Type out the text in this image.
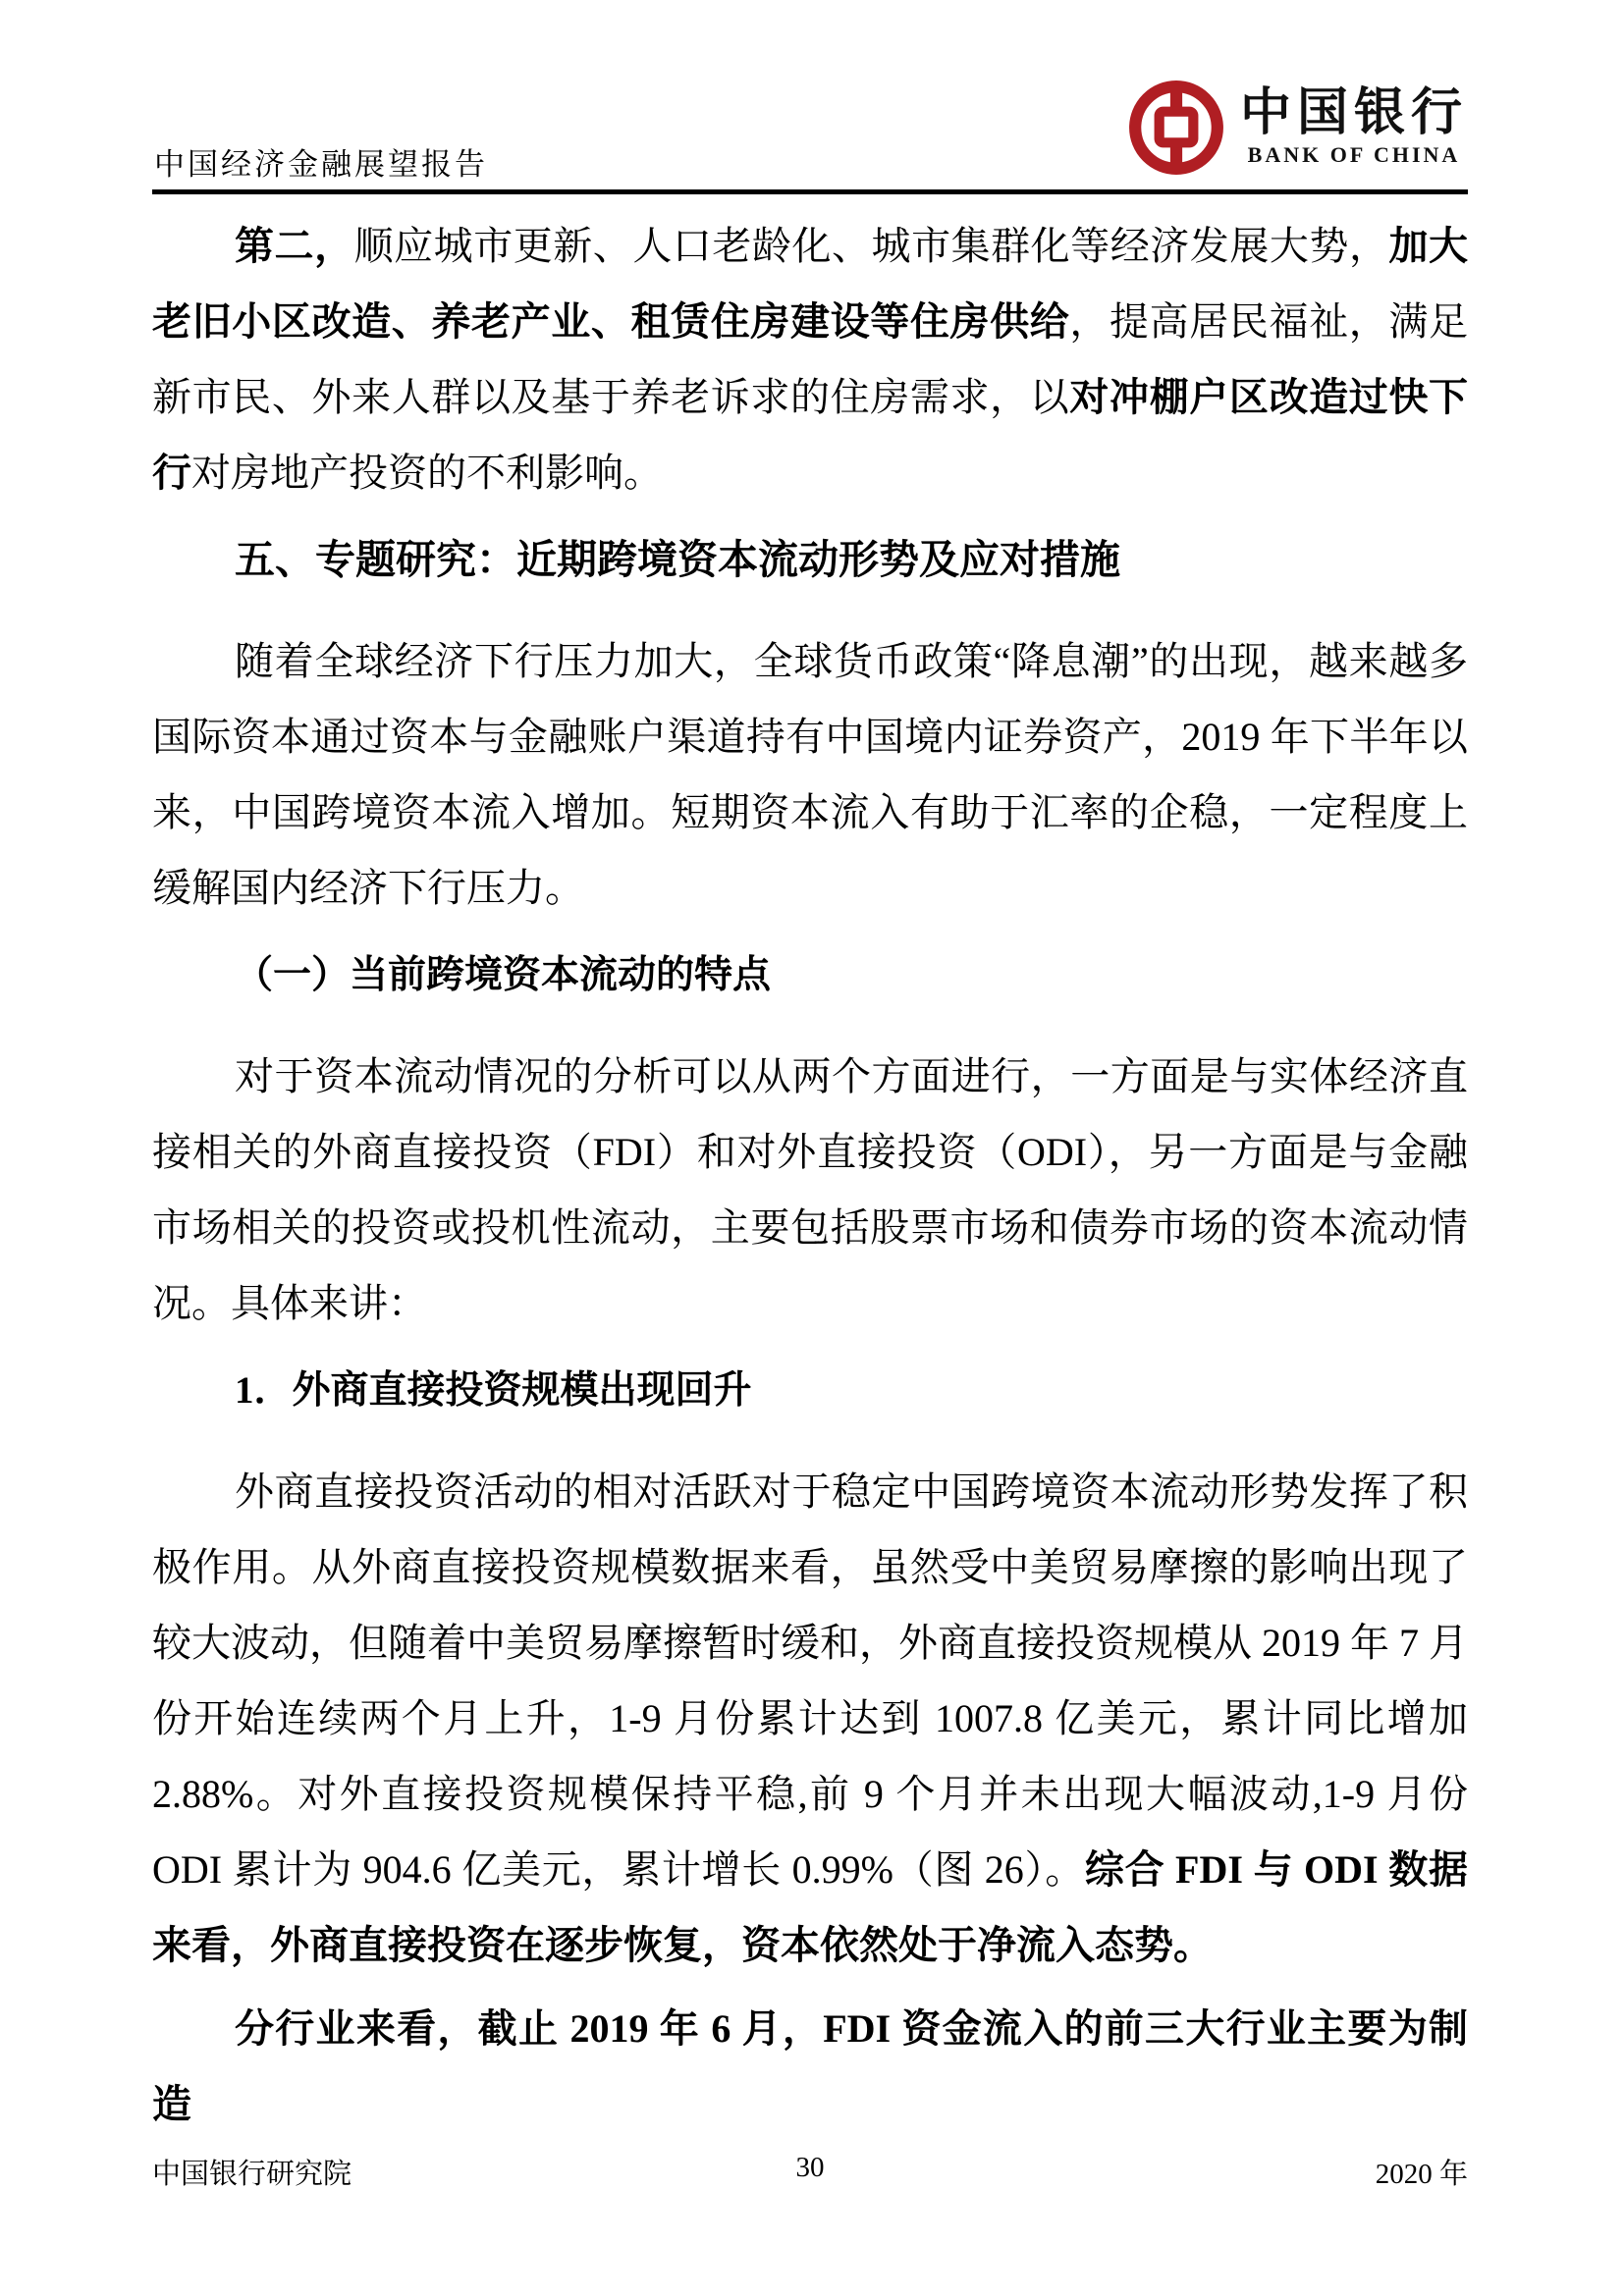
中国经济金融展望报告
中国银行
BANK OF CHINA

第二，顺应城市更新、人口老龄化、城市集群化等经济发展大势，加大老旧小区改造、养老产业、租赁住房建设等住房供给，提高居民福祉，满足新市民、外来人群以及基于养老诉求的住房需求，以对冲棚户区改造过快下行对房地产投资的不利影响。

五、专题研究：近期跨境资本流动形势及应对措施

随着全球经济下行压力加大，全球货币政策“降息潮”的出现，越来越多国际资本通过资本与金融账户渠道持有中国境内证券资产，2019 年下半年以来，中国跨境资本流入增加。短期资本流入有助于汇率的企稳，一定程度上缓解国内经济下行压力。

（一）当前跨境资本流动的特点

对于资本流动情况的分析可以从两个方面进行，一方面是与实体经济直接相关的外商直接投资（FDI）和对外直接投资（ODI），另一方面是与金融市场相关的投资或投机性流动，主要包括股票市场和债券市场的资本流动情况。具体来讲：

1．外商直接投资规模出现回升

外商直接投资活动的相对活跃对于稳定中国跨境资本流动形势发挥了积极作用。从外商直接投资规模数据来看，虽然受中美贸易摩擦的影响出现了较大波动，但随着中美贸易摩擦暂时缓和，外商直接投资规模从 2019 年 7 月份开始连续两个月上升，1-9 月份累计达到 1007.8 亿美元，累计同比增加 2.88%。对外直接投资规模保持平稳,前 9 个月并未出现大幅波动,1-9 月份 ODI 累计为 904.6 亿美元，累计增长 0.99%（图 26）。综合 FDI 与 ODI 数据来看，外商直接投资在逐步恢复，资本依然处于净流入态势。

分行业来看，截止 2019 年 6 月，FDI 资金流入的前三大行业主要为制造

30
中国银行研究院	2020 年
